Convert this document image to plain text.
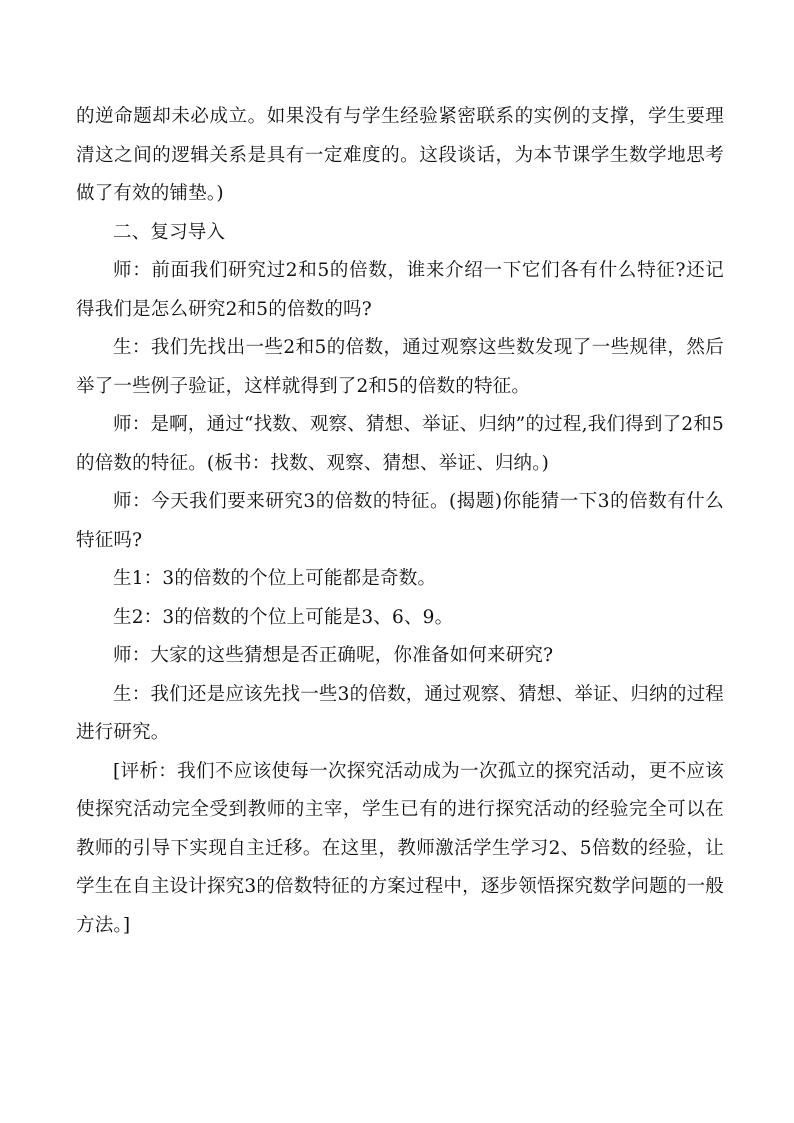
的逆命题却未必成立。如果没有与学生经验紧密联系的实例的支撑，学生要理清这之间的逻辑关系是具有一定难度的。这段谈话，为本节课学生数学地思考做了有效的铺垫。)

二、复习导入

师：前面我们研究过2和5的倍数，谁来介绍一下它们各有什么特征?还记得我们是怎么研究2和5的倍数的吗?

生：我们先找出一些2和5的倍数，通过观察这些数发现了一些规律，然后举了一些例子验证，这样就得到了2和5的倍数的特征。

师：是啊，通过“找数、观察、猜想、举证、归纳”的过程,我们得到了2和5的倍数的特征。(板书：找数、观察、猜想、举证、归纳。)

师：今天我们要来研究3的倍数的特征。(揭题)你能猜一下3的倍数有什么特征吗?

生1：3的倍数的个位上可能都是奇数。

生2：3的倍数的个位上可能是3、6、9。

师：大家的这些猜想是否正确呢，你准备如何来研究?

生：我们还是应该先找一些3的倍数，通过观察、猜想、举证、归纳的过程进行研究。

[评析：我们不应该使每一次探究活动成为一次孤立的探究活动，更不应该使探究活动完全受到教师的主宰，学生已有的进行探究活动的经验完全可以在教师的引导下实现自主迁移。在这里，教师激活学生学习2、5倍数的经验，让学生在自主设计探究3的倍数特征的方案过程中，逐步领悟探究数学问题的一般方法。]
